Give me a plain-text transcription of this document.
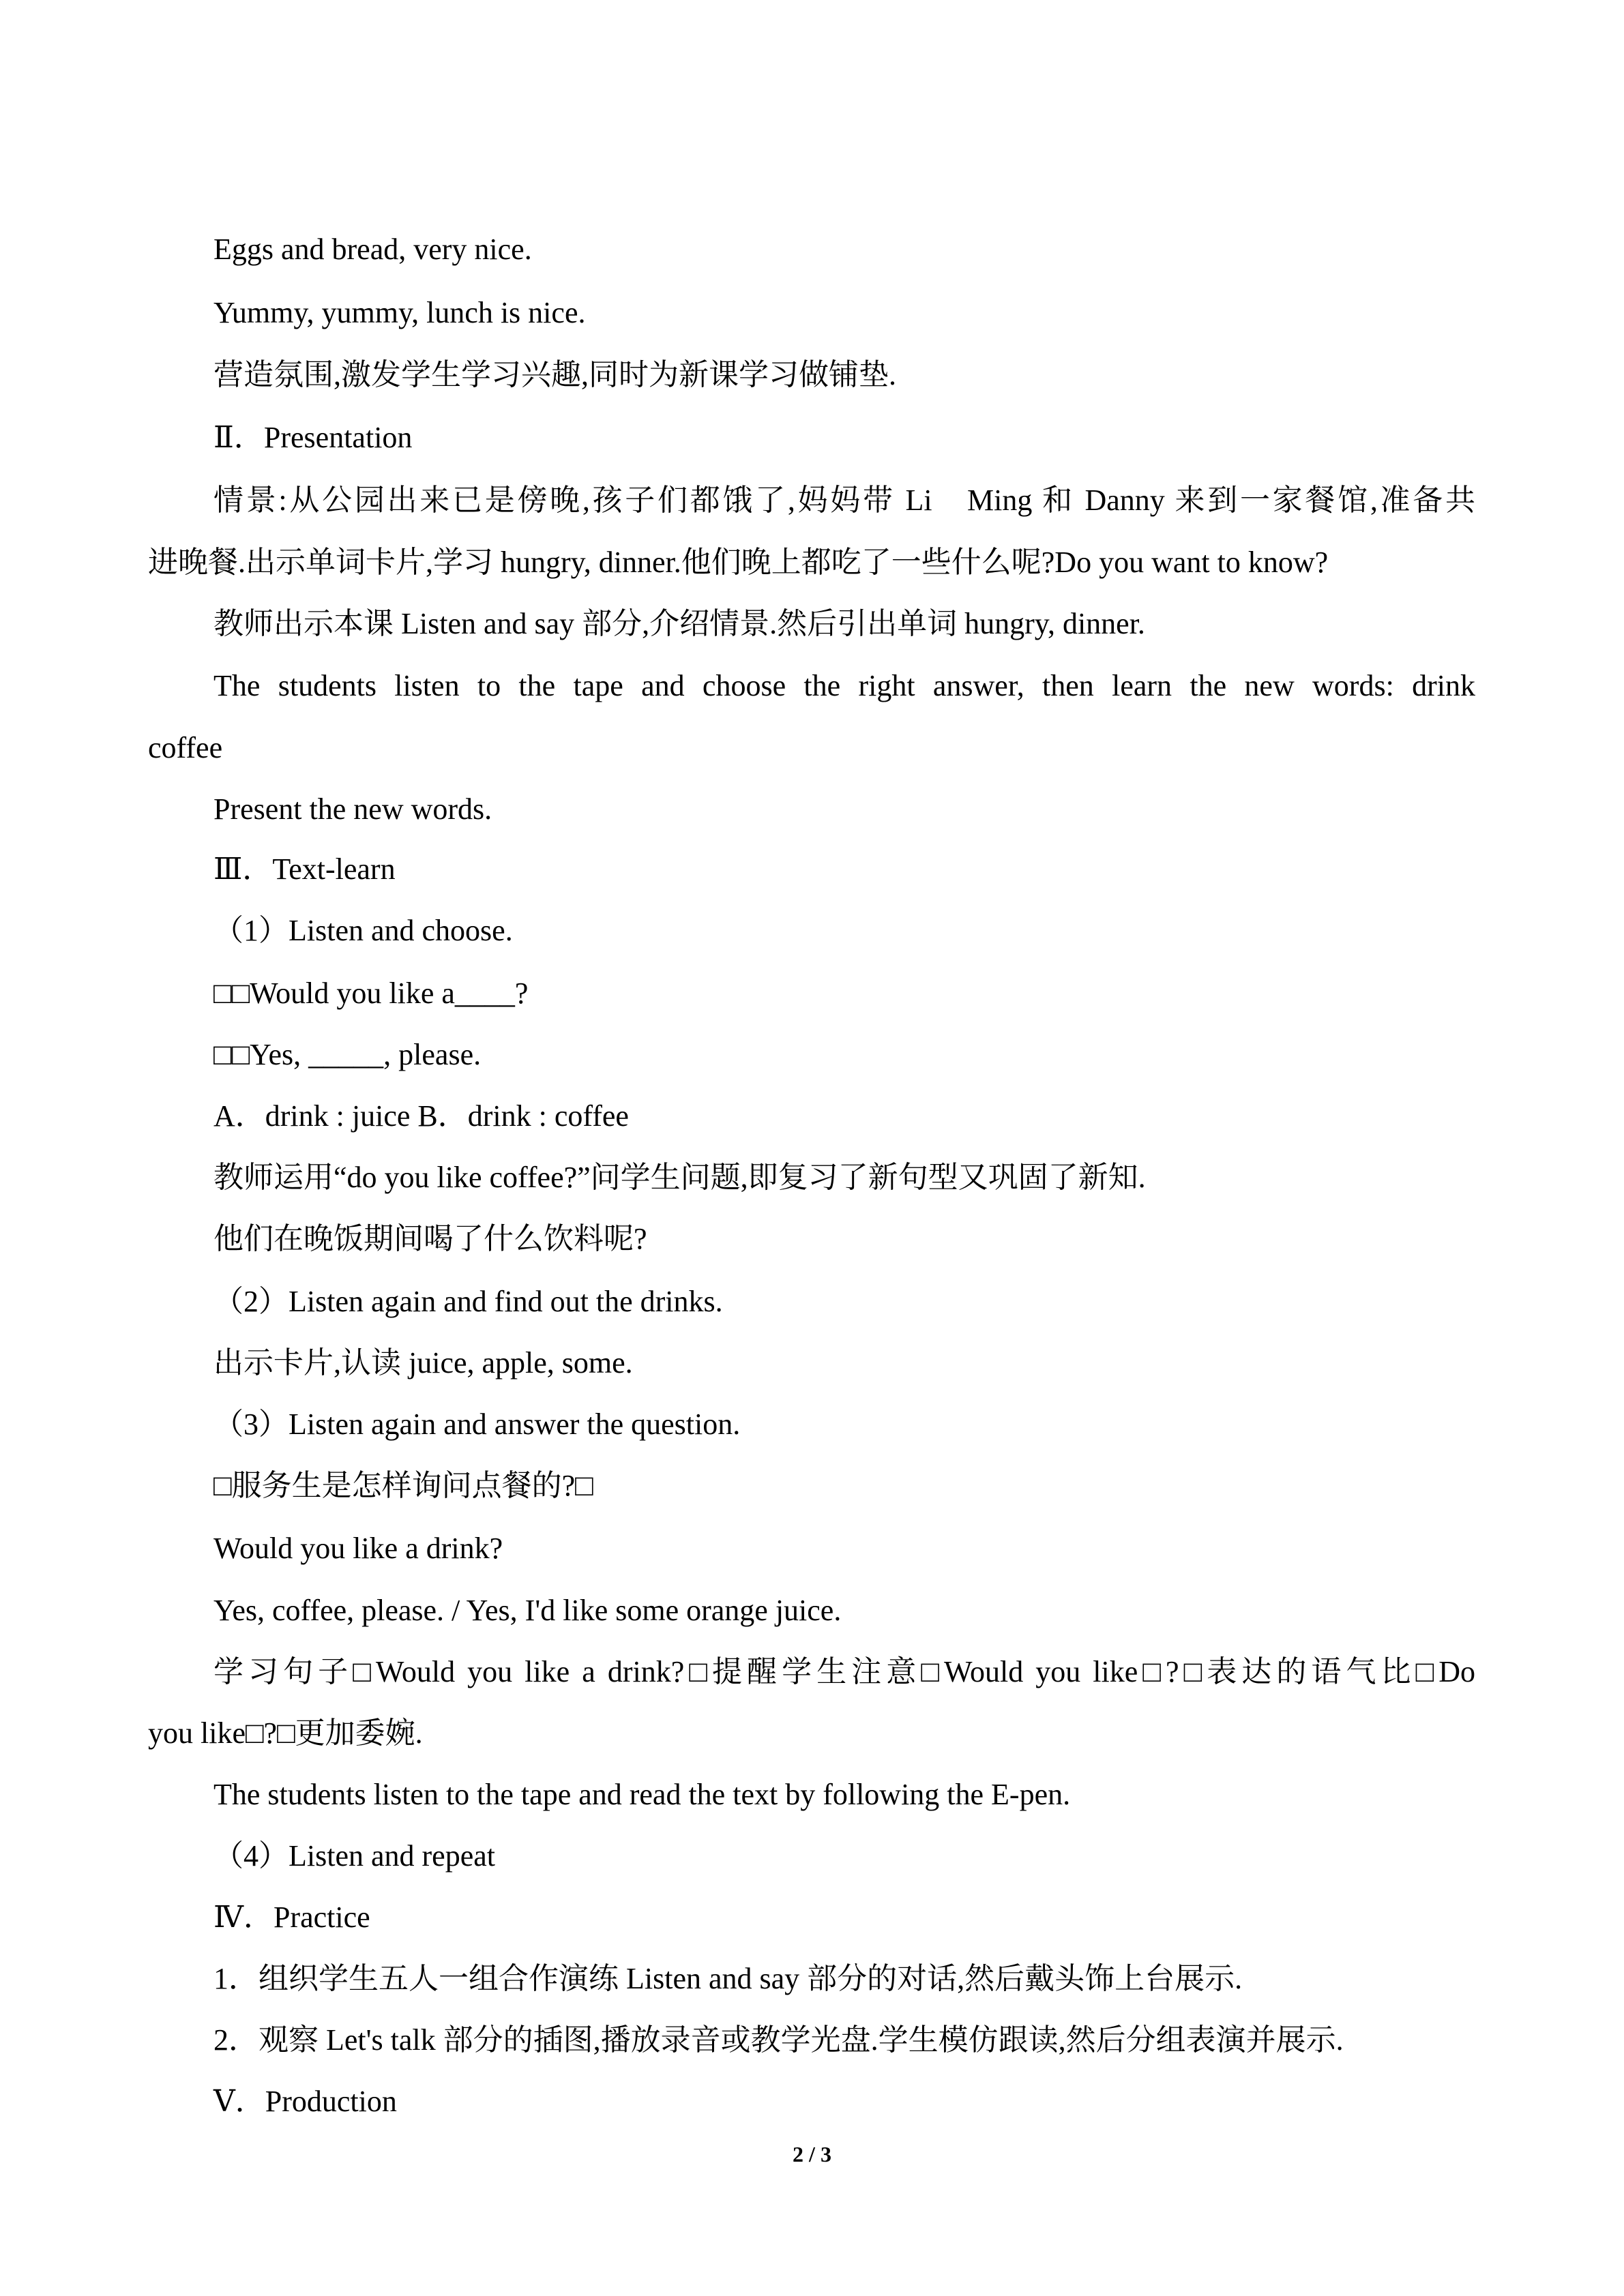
Eggs and bread, very nice.
Yummy, yummy, lunch is nice.
营造氛围,激发学生学习兴趣,同时为新课学习做铺垫.
Ⅱ．Presentation
情景:从公园出来已是傍晚,孩子们都饿了,妈妈带 Li　Ming 和 Danny 来到一家餐馆,准备共
进晚餐.出示单词卡片,学习 hungry, dinner.他们晚上都吃了一些什么呢?Do you want to know?
教师出示本课 Listen and say 部分,介绍情景.然后引出单词 hungry, dinner.
The students listen to the tape and choose the right answer, then learn the new words: drink
coffee
Present the new words.
Ⅲ．Text-learn
（1）Listen and choose.
□□Would you like a____?
□□Yes, _____, please.
A．drink : juice B．drink : coffee
教师运用“do you like coffee?”问学生问题,即复习了新句型又巩固了新知.
他们在晚饭期间喝了什么饮料呢?
（2）Listen again and find out the drinks.
出示卡片,认读 juice, apple, some.
（3）Listen again and answer the question.
□服务生是怎样询问点餐的?□
Would you like a drink?
Yes, coffee, please. / Yes, I'd like some orange juice.
学习句子□Would you like a drink?□提醒学生注意□Would you like□?□表达的语气比□Do
you like□?□更加委婉.
The students listen to the tape and read the text by following the E-pen.
（4）Listen and repeat
Ⅳ．Practice
1．组织学生五人一组合作演练 Listen and say 部分的对话,然后戴头饰上台展示.
2．观察 Let's talk 部分的插图,播放录音或教学光盘.学生模仿跟读,然后分组表演并展示.
Ⅴ．Production
2 / 3
